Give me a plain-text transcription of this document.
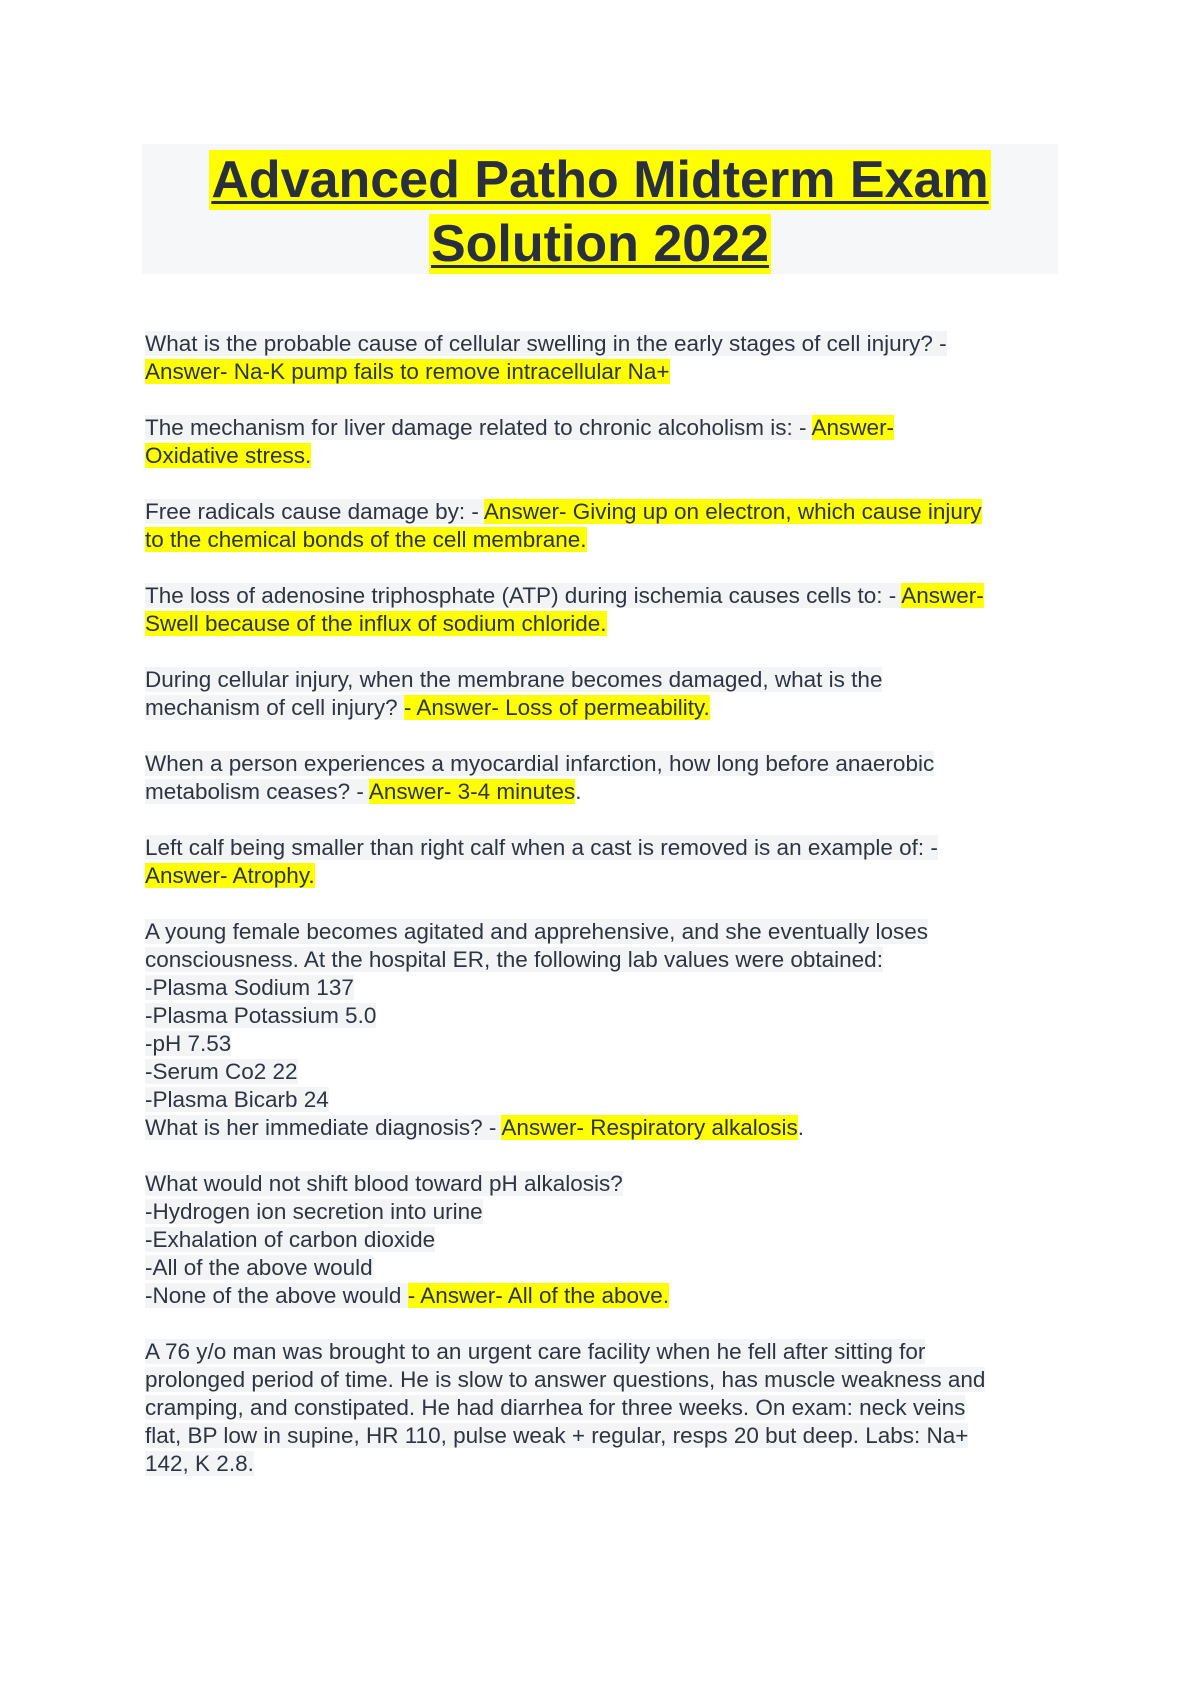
Advanced Patho Midterm Exam
Solution 2022
What is the probable cause of cellular swelling in the early stages of cell injury? -
Answer- Na-K pump fails to remove intracellular Na+
The mechanism for liver damage related to chronic alcoholism is: - Answer-
Oxidative stress.
Free radicals cause damage by: - Answer- Giving up on electron, which cause injury
to the chemical bonds of the cell membrane.
The loss of adenosine triphosphate (ATP) during ischemia causes cells to: - Answer-
Swell because of the influx of sodium chloride.
During cellular injury, when the membrane becomes damaged, what is the
mechanism of cell injury? - Answer- Loss of permeability.
When a person experiences a myocardial infarction, how long before anaerobic
metabolism ceases? - Answer- 3-4 minutes.
Left calf being smaller than right calf when a cast is removed is an example of: -
Answer- Atrophy.
A young female becomes agitated and apprehensive, and she eventually loses
consciousness. At the hospital ER, the following lab values were obtained:
-Plasma Sodium 137
-Plasma Potassium 5.0
-pH 7.53
-Serum Co2 22
-Plasma Bicarb 24
What is her immediate diagnosis? - Answer- Respiratory alkalosis.
What would not shift blood toward pH alkalosis?
-Hydrogen ion secretion into urine
-Exhalation of carbon dioxide
-All of the above would
-None of the above would - Answer- All of the above.
A 76 y/o man was brought to an urgent care facility when he fell after sitting for
prolonged period of time. He is slow to answer questions, has muscle weakness and
cramping, and constipated. He had diarrhea for three weeks. On exam: neck veins
flat, BP low in supine, HR 110, pulse weak + regular, resps 20 but deep. Labs: Na+
142, K 2.8.
